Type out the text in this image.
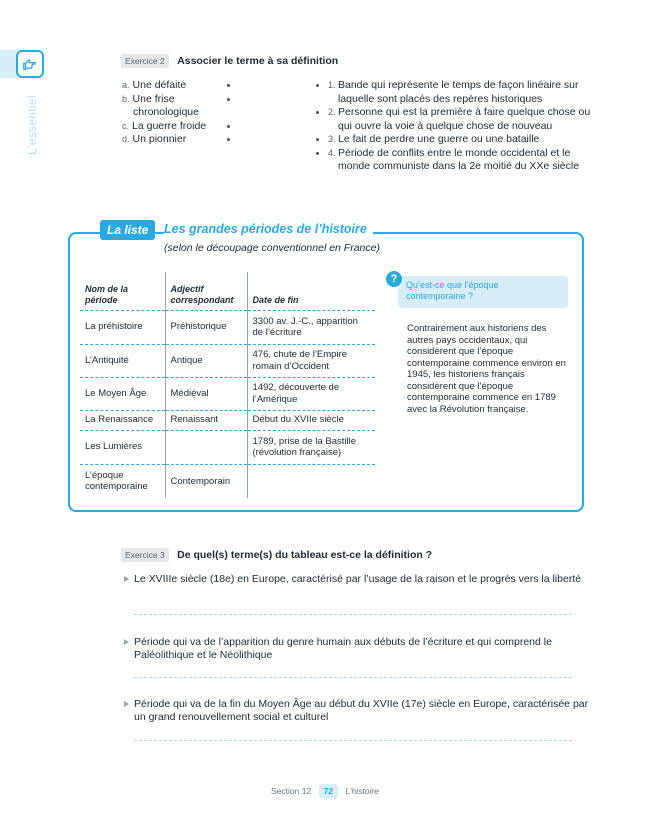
L'essentiel
Exercice 2 Associer le terme à sa définition
a. Une défaite
b. Une frise
chronologique
c. La guerre froide
d. Un pionnier
1. Bande qui représente le temps de façon linéaire sur laquelle sont placés des repères historiques
2. Personne qui est la première à faire quelque chose ou qui ouvre la voie à quelque chose de nouveau
3. Le fait de perdre une guerre ou une bataille
4. Période de conflits entre le monde occidental et le monde communiste dans la 2e moitié du XXe siècle
La liste	Les grandes périodes de l’histoire
(selon le découpage conventionnel en France)
Nom de la période	Adjectif correspondant	Date de fin
La préhistoire	Préhistorique	3300 av. J.-C., apparition de l’écriture
L’Antiquité	Antique	476, chute de l’Empire romain d’Occident
Le Moyen Âge	Médiéval	1492, découverte de l’Amérique
La Renaissance	Renaissant	Début du XVIIe siècle
Les Lumières		1789, prise de la Bastille (révolution française)
L’époque contemporaine	Contemporain	
Qu’est-ce que l’époque contemporaine ?
?
Contrairement aux historiens des autres pays occidentaux, qui considèrent que l’époque contemporaine commence environ en 1945, les historiens français considèrent que l’époque contemporaine commence en 1789 avec la Révolution française.
Exercice 3 De quel(s) terme(s) du tableau est-ce la définition ?
Le XVIIIe siècle (18e) en Europe, caractérisé par l’usage de la raison et le progrès vers la liberté
Période qui va de l’apparition du genre humain aux débuts de l’écriture et qui comprend le Paléolithique et le Néolithique
Période qui va de la fin du Moyen Âge au début du XVIIe (17e) siècle en Europe, caractérisée par un grand renouvellement social et culturel
Section 12 72 L’histoire
